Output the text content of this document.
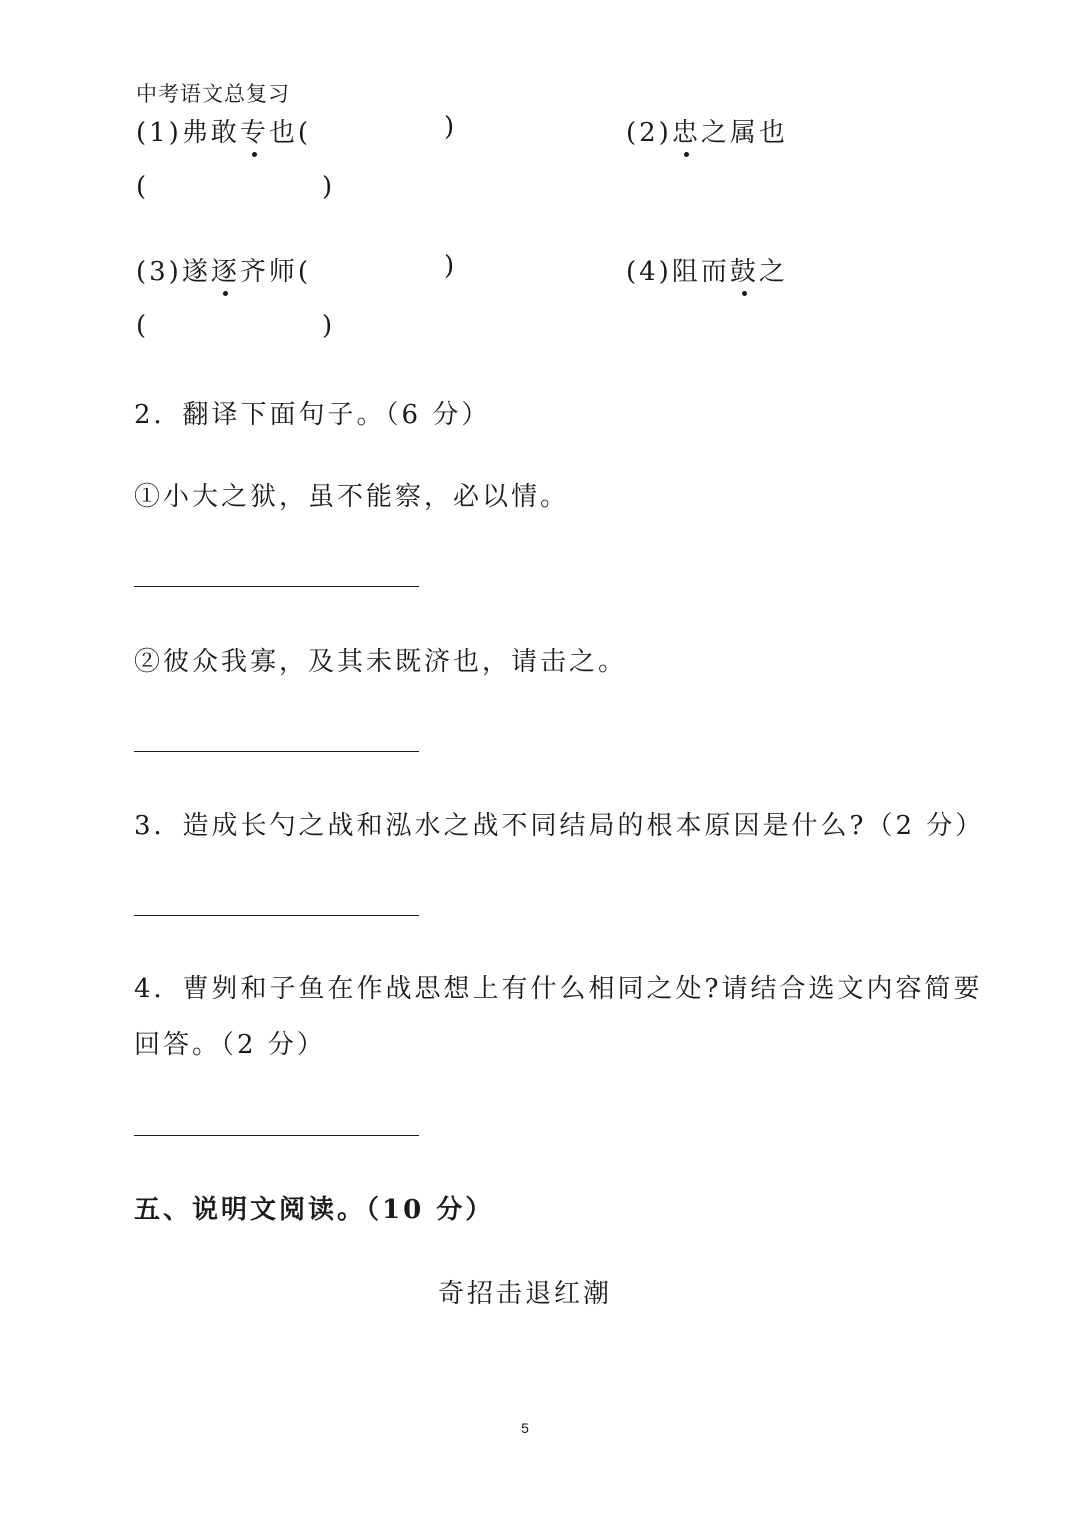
中考语文总复习
(1)弗敢专也(	)	(2)忠之属也
(	)
(3)遂逐齐师(	)	(4)阻而鼓之
(	)
2．翻译下面句子。（6 分）
①小大之狱，虽不能察，必以情。
②彼众我寡，及其未既济也，请击之。
3．造成长勺之战和泓水之战不同结局的根本原因是什么?（2 分）
4．曹刿和子鱼在作战思想上有什么相同之处?请结合选文内容简要
回答。（2 分）
五、说明文阅读。（10 分）
奇招击退红潮
5
